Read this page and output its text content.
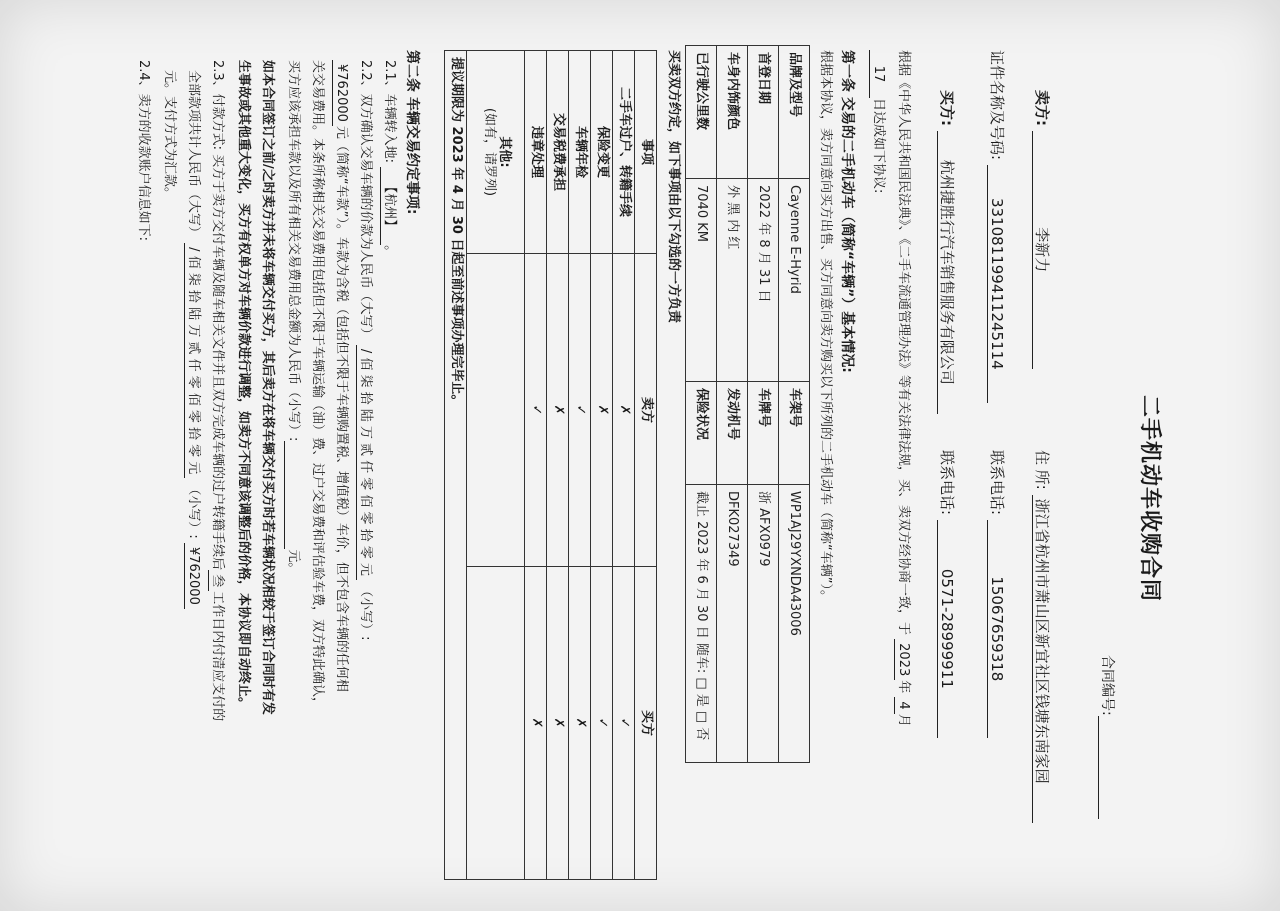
二手机动车收购合同
合同编号:
卖方: 李新力
住 所: 浙江省杭州市萧山区新宜社区钱塘东南家园
证件名称及号码: 331081199411245114
联系电话: 15067659318
买方: 杭州捷胜行汽车销售服务有限公司
联系电话: 0571-28999911
根据《中华人民共和国民法典》、《二手车流通管理办法》等有关法律法规，买、卖双方经协商一致，于 2023年 4月
17日达成如下协议:
第一条 交易的二手机动车（简称“车辆”）基本情况:
根据本协议，卖方同意向买方出售、买方同意向卖方购买以下所列的二手机动车（简称“车辆”）。
品牌及型号	Cayenne E-Hyrid	车架号	WP1AJ29YXNDA43006
首登日期	2022 年 8 月 31 日	车牌号	浙 AFX0979
车身内饰颜色	外 黑 内 红	发动机号	DFK027349
已行驶公里数	7040 KM	保险状况	截止 2023 年 6 月 30 日 随车: □ 是 □ 否
买卖双方约定，如下事项由以下勾选的一方负责
事项	卖方	买方
二手车过户、转籍手续	✗	✓
保险变更	✗	✓
车辆年检	✓	✗
交易税费承担	✗	✗
违章处理	✓	✗

其他:
(如有，请罗列)		

提议期限为 2023 年 4 月 30 日起至前述事项办理完毕止。		
第二条 车辆交易约定事项:
2.1、车辆转入地: 【杭州】。
2.2、双方确认交易车辆的价款为人民币（大写） / 佰 柒 拾 陆 万 贰 仟 零 佰 零 拾 零 元 （小写）:
¥762000元（简称“车款”）。车款为含税（包括但不限于车辆购置税、增值税）车价，但不包含车辆的任何相
关交易费用。本条所称相关交易费用包括但不限于车辆运输（油）费、过户交易费和评估验车费，双方特此确认，
买方应该承担车款以及所有相关交易费用总金额为人民币（小写）: 元。
如本合同签订之前/之时卖方并未将车辆交付买方，其后卖方在将车辆交付买方时若车辆状况相较于签订合同时有发
生事故或其他重大变化，买方有权单方对车辆价款进行调整，如卖方不同意该调整后的价格，本协议即自动终止。
2.3、付款方式: 买方于卖方交付车辆及随车相关文件并且双方完成车辆的过户转籍手续后叁工作日内付清应支付的
全部款项共计人民币（大写） / 佰 柒 拾 陆 万 贰 仟 零 佰 零 拾 零 元 （小写）: ¥762000
元。支付方式为汇款。
2.4、卖方的收款账户信息如下:
